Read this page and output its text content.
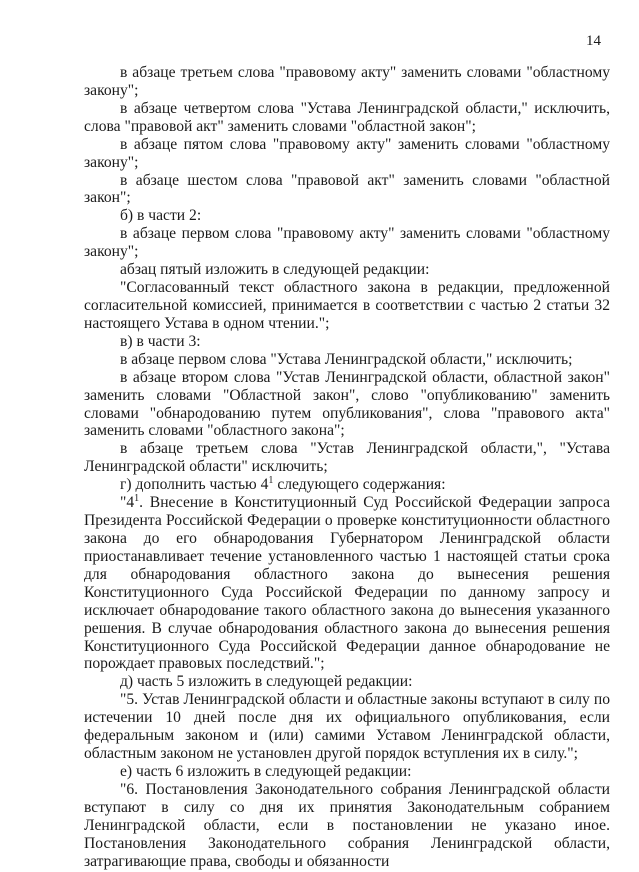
14

в абзаце третьем слова "правовому акту" заменить словами "областному закону";

в абзаце четвертом слова "Устава Ленинградской области," исключить, слова "правовой акт" заменить словами "областной закон";

в абзаце пятом слова "правовому акту" заменить словами "областному закону";

в абзаце шестом слова "правовой акт" заменить словами "областной закон";

б) в части 2:

в абзаце первом слова "правовому акту" заменить словами "областному закону";

абзац пятый изложить в следующей редакции:

"Согласованный текст областного закона в редакции, предложенной согласительной комиссией, принимается в соответствии с частью 2 статьи 32 настоящего Устава в одном чтении.";

в) в части 3:

в абзаце первом слова "Устава Ленинградской области," исключить;

в абзаце втором слова "Устав Ленинградской области, областной закон" заменить словами "Областной закон", слово "опубликованию" заменить словами "обнародованию путем опубликования", слова "правового акта" заменить словами "областного закона";

в абзаце третьем слова "Устав Ленинградской области,", "Устава Ленинградской области" исключить;

г) дополнить частью $4^1$ следующего содержания:

"$4^1$. Внесение в Конституционный Суд Российской Федерации запроса Президента Российской Федерации о проверке конституционности областного закона до его обнародования Губернатором Ленинградской области приостанавливает течение установленного частью 1 настоящей статьи срока для обнародования областного закона до вынесения решения Конституционного Суда Российской Федерации по данному запросу и исключает обнародование такого областного закона до вынесения указанного решения. В случае обнародования областного закона до вынесения решения Конституционного Суда Российской Федерации данное обнародование не порождает правовых последствий.";

д) часть 5 изложить в следующей редакции:

"5. Устав Ленинградской области и областные законы вступают в силу по истечении 10 дней после дня их официального опубликования, если федеральным законом и (или) самими Уставом Ленинградской области, областным законом не установлен другой порядок вступления их в силу.";

е) часть 6 изложить в следующей редакции:

"6. Постановления Законодательного собрания Ленинградской области вступают в силу со дня их принятия Законодательным собранием Ленинградской области, если в постановлении не указано иное. Постановления Законодательного собрания Ленинградской области, затрагивающие права, свободы и обязанности
